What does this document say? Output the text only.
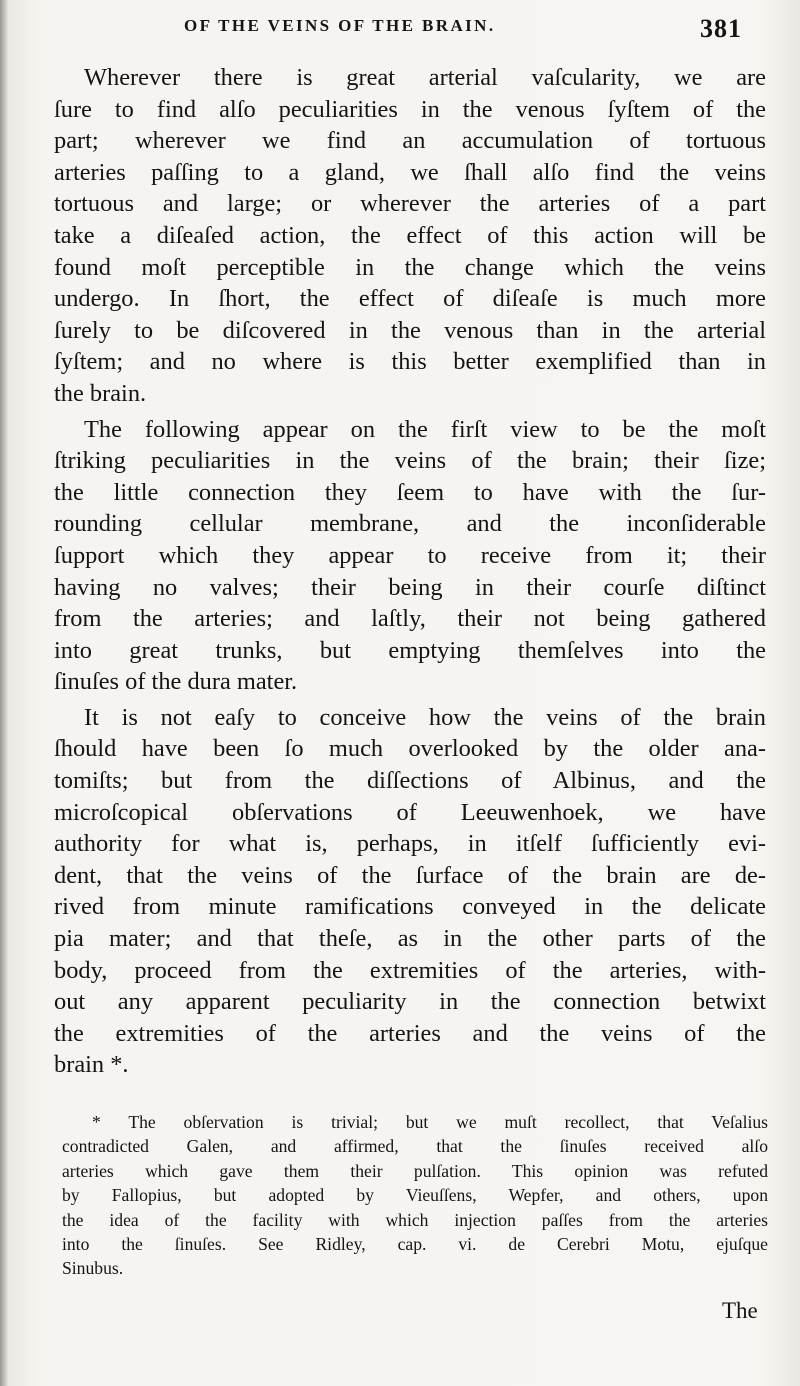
OF THE VEINS OF THE BRAIN.	381

Wherever there is great arterial vaſcularity, we are
ſure to find alſo peculiarities in the venous ſyſtem of the
part; wherever we find an accumulation of tortuous
arteries paſſing to a gland, we ſhall alſo find the veins
tortuous and large; or wherever the arteries of a part
take a diſeaſed action, the effect of this action will be
found moſt perceptible in the change which the veins
undergo. In ſhort, the effect of diſeaſe is much more
ſurely to be diſcovered in the venous than in the arterial
ſyſtem; and no where is this better exemplified than in
the brain.

The following appear on the firſt view to be the moſt
ſtriking peculiarities in the veins of the brain; their ſize;
the little connection they ſeem to have with the ſur-
rounding cellular membrane, and the inconſiderable
ſupport which they appear to receive from it; their
having no valves; their being in their courſe diſtinct
from the arteries; and laſtly, their not being gathered
into great trunks, but emptying themſelves into the
ſinuſes of the dura mater.

It is not eaſy to conceive how the veins of the brain
ſhould have been ſo much overlooked by the older ana-
tomiſts; but from the diſſections of Albinus, and the
microſcopical obſervations of Leeuwenhoek, we have
authority for what is, perhaps, in itſelf ſufficiently evi-
dent, that the veins of the ſurface of the brain are de-
rived from minute ramifications conveyed in the delicate
pia mater; and that theſe, as in the other parts of the
body, proceed from the extremities of the arteries, with-
out any apparent peculiarity in the connection betwixt
the extremities of the arteries and the veins of the
brain *.

* The obſervation is trivial; but we muſt recollect, that Veſalius
contradicted Galen, and affirmed, that the ſinuſes received alſo
arteries which gave them their pulſation. This opinion was refuted
by Fallopius, but adopted by Vieuſſens, Wepfer, and others, upon
the idea of the facility with which injection paſſes from the arteries
into the ſinuſes. See Ridley, cap. vi. de Cerebri Motu, ejuſque
Sinubus.
The
